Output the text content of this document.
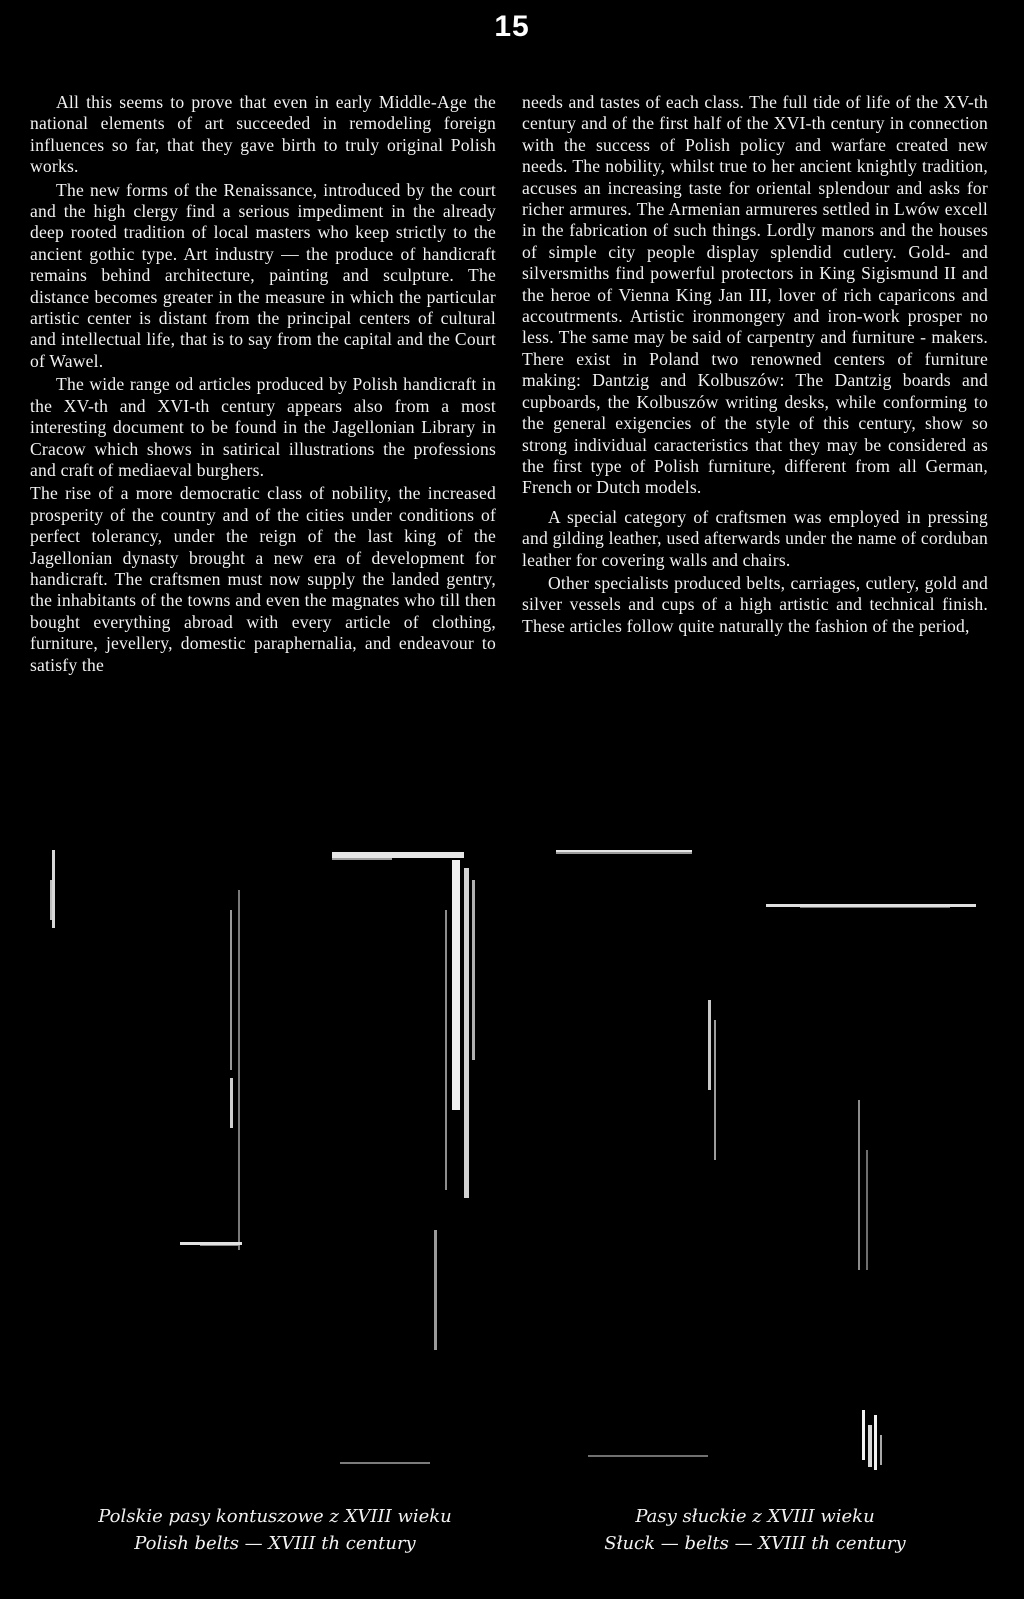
15

All this seems to prove that even in early Middle-Age the national elements of art succeeded in remodeling foreign influences so far, that they gave birth to truly original Polish works.

The new forms of the Renaissance, introduced by the court and the high clergy find a serious impediment in the already deep rooted tradition of local masters who keep strictly to the ancient gothic type. Art industry — the produce of handicraft remains behind architecture, painting and sculpture. The distance becomes greater in the measure in which the particular artistic center is distant from the principal centers of cultural and intellectual life, that is to say from the capital and the Court of Wawel.

The wide range od articles produced by Polish handicraft in the XV-th and XVI-th century appears also from a most interesting document to be found in the Jagellonian Library in Cracow which shows in satirical illustrations the professions and craft of mediaeval burghers.

The rise of a more democratic class of nobility, the increased prosperity of the country and of the cities under conditions of perfect tolerancy, under the reign of the last king of the Jagellonian dynasty brought a new era of development for handicraft. The craftsmen must now supply the landed gentry, the inhabitants of the towns and even the magnates who till then bought everything abroad with every article of clothing, furniture, jevellery, domestic paraphernalia, and endeavour to satisfy the

needs and tastes of each class. The full tide of life of the XV-th century and of the first half of the XVI-th century in connection with the success of Polish policy and warfare created new needs. The nobility, whilst true to her ancient knightly tradition, accuses an increasing taste for oriental splendour and asks for richer armures. The Armenian armureres settled in Lwów excell in the fabrication of such things. Lordly manors and the houses of simple city people display splendid cutlery. Gold- and silversmiths find powerful protectors in King Sigismund II and the heroe of Vienna King Jan III, lover of rich caparicons and accoutrments. Artistic ironmongery and iron-work prosper no less. The same may be said of carpentry and furniture - makers. There exist in Poland two renowned centers of furniture making: Dantzig and Kolbuszów: The Dantzig boards and cupboards, the Kolbuszów writing desks, while conforming to the general exigencies of the style of this century, show so strong individual caracteristics that they may be considered as the first type of Polish furniture, different from all German, French or Dutch models.

A special category of craftsmen was employed in pressing and gilding leather, used afterwards under the name of corduban leather for covering walls and chairs.

Other specialists produced belts, carriages, cutlery, gold and silver vessels and cups of a high artistic and technical finish. These articles follow quite naturally the fashion of the period,

Polskie pasy kontuszowe z XVIII wieku
Polish belts — XVIII th century
Pasy słuckie z XVIII wieku
Słuck — belts — XVIII th century
